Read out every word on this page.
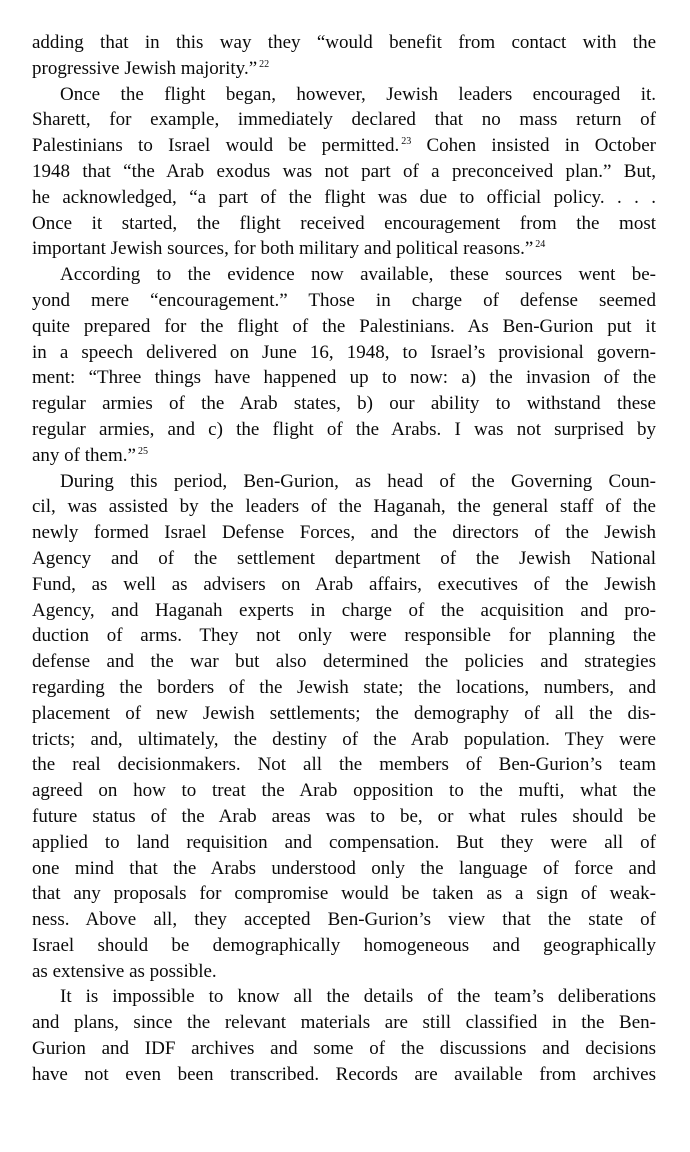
adding that in this way they “would benefit from contact with the
progressive Jewish majority.” $^{22}$
Once the flight began, however, Jewish leaders encouraged it.
Sharett, for example, immediately declared that no mass return of
Palestinians to Israel would be permitted. $^{23}$ Cohen insisted in October
1948 that “the Arab exodus was not part of a preconceived plan.” But,
he acknowledged, “a part of the flight was due to official policy. . . .
Once it started, the flight received encouragement from the most
important Jewish sources, for both military and political reasons.” $^{24}$
According to the evidence now available, these sources went be-
yond mere “encouragement.” Those in charge of defense seemed
quite prepared for the flight of the Palestinians. As Ben-Gurion put it
in a speech delivered on June 16, 1948, to Israel’s provisional govern-
ment: “Three things have happened up to now: a) the invasion of the
regular armies of the Arab states, b) our ability to withstand these
regular armies, and c) the flight of the Arabs. I was not surprised by
any of them.” $^{25}$
During this period, Ben-Gurion, as head of the Governing Coun-
cil, was assisted by the leaders of the Haganah, the general staff of the
newly formed Israel Defense Forces, and the directors of the Jewish
Agency and of the settlement department of the Jewish National
Fund, as well as advisers on Arab affairs, executives of the Jewish
Agency, and Haganah experts in charge of the acquisition and pro-
duction of arms. They not only were responsible for planning the
defense and the war but also determined the policies and strategies
regarding the borders of the Jewish state; the locations, numbers, and
placement of new Jewish settlements; the demography of all the dis-
tricts; and, ultimately, the destiny of the Arab population. They were
the real decisionmakers. Not all the members of Ben-Gurion’s team
agreed on how to treat the Arab opposition to the mufti, what the
future status of the Arab areas was to be, or what rules should be
applied to land requisition and compensation. But they were all of
one mind that the Arabs understood only the language of force and
that any proposals for compromise would be taken as a sign of weak-
ness. Above all, they accepted Ben-Gurion’s view that the state of
Israel should be demographically homogeneous and geographically
as extensive as possible.
It is impossible to know all the details of the team’s deliberations
and plans, since the relevant materials are still classified in the Ben-
Gurion and IDF archives and some of the discussions and decisions
have not even been transcribed. Records are available from archives
